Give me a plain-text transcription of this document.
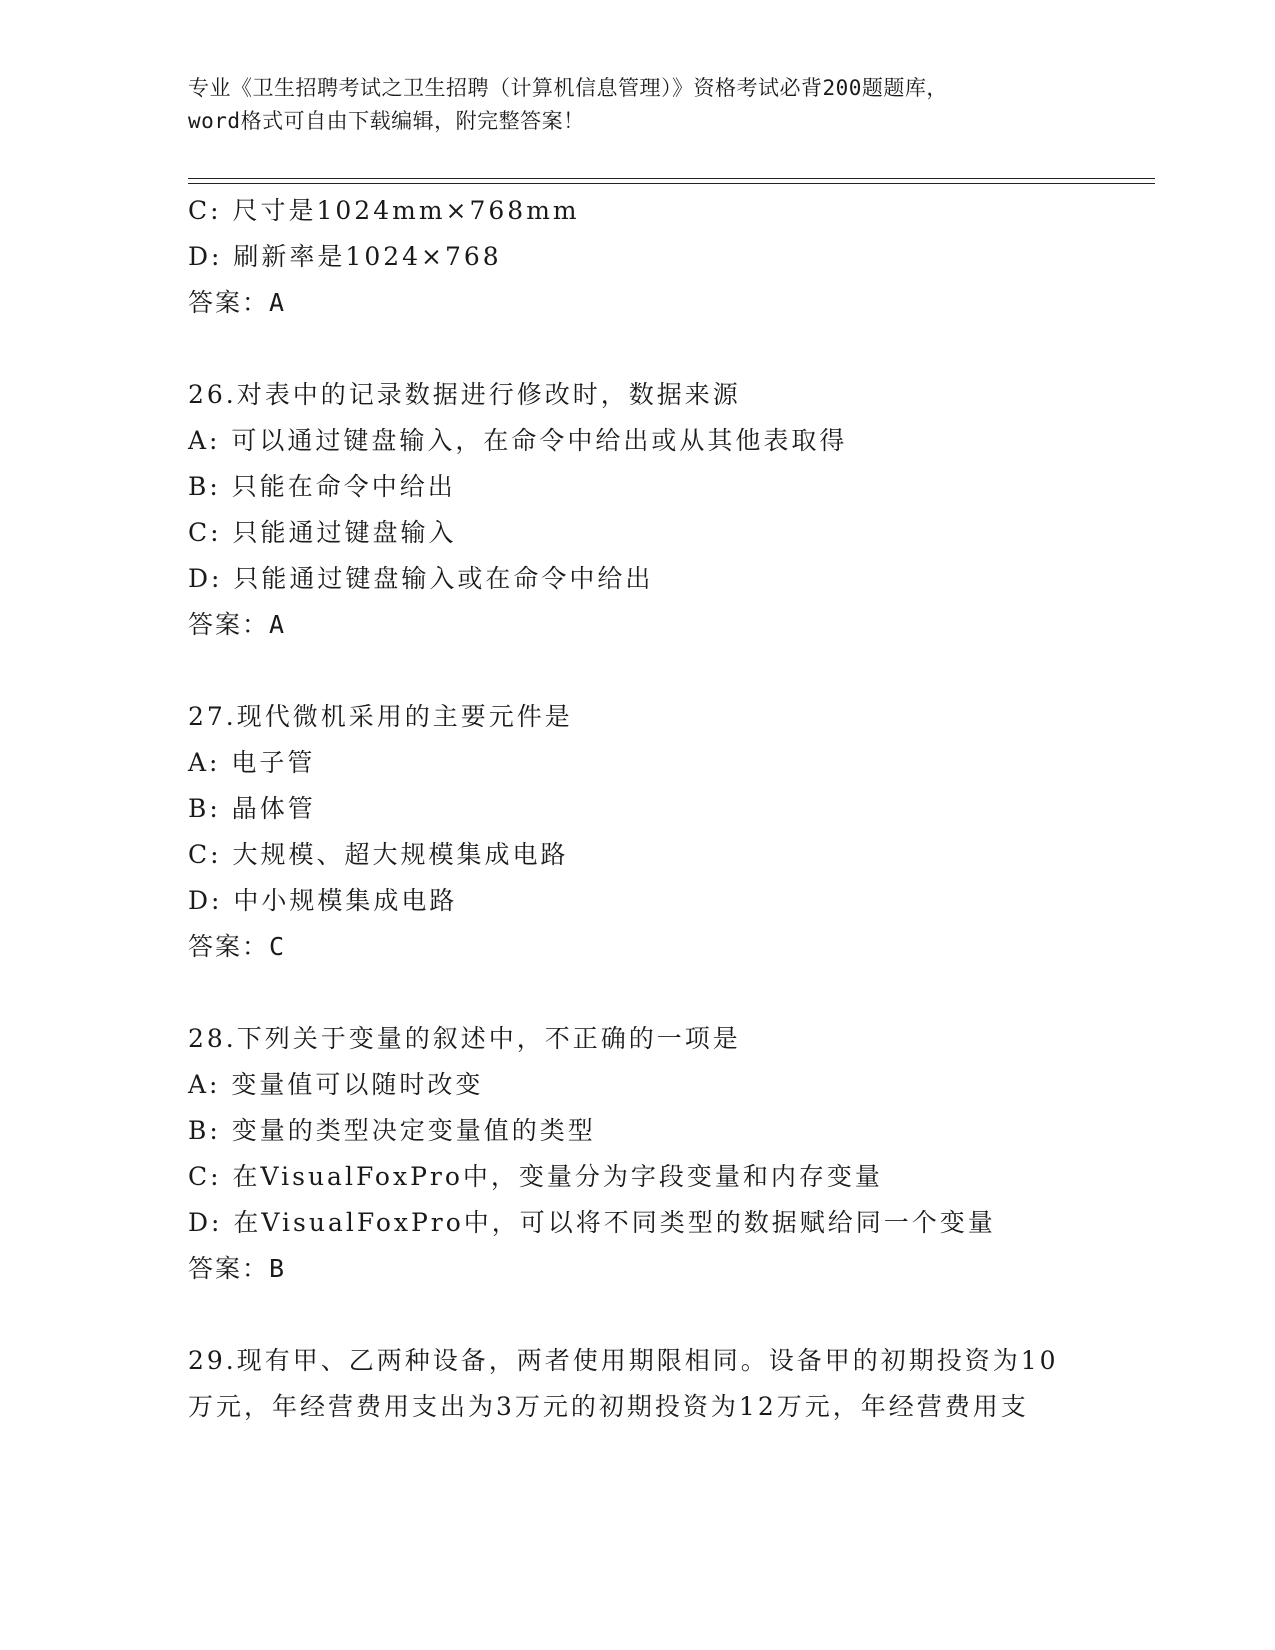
专业《卫生招聘考试之卫生招聘（计算机信息管理）》资格考试必背200题题库，
word格式可自由下载编辑，附完整答案！
C: 尺寸是1024mm×768mm
D: 刷新率是1024×768
答案：A
26.对表中的记录数据进行修改时，数据来源
A: 可以通过键盘输入，在命令中给出或从其他表取得
B: 只能在命令中给出
C: 只能通过键盘输入
D: 只能通过键盘输入或在命令中给出
答案：A
27.现代微机采用的主要元件是
A: 电子管
B: 晶体管
C: 大规模、超大规模集成电路
D: 中小规模集成电路
答案：C
28.下列关于变量的叙述中，不正确的一项是
A: 变量值可以随时改变
B: 变量的类型决定变量值的类型
C: 在VisualFoxPro中，变量分为字段变量和内存变量
D: 在VisualFoxPro中，可以将不同类型的数据赋给同一个变量
答案：B
29.现有甲、乙两种设备，两者使用期限相同。设备甲的初期投资为10
万元，年经营费用支出为3万元的初期投资为12万元，年经营费用支
